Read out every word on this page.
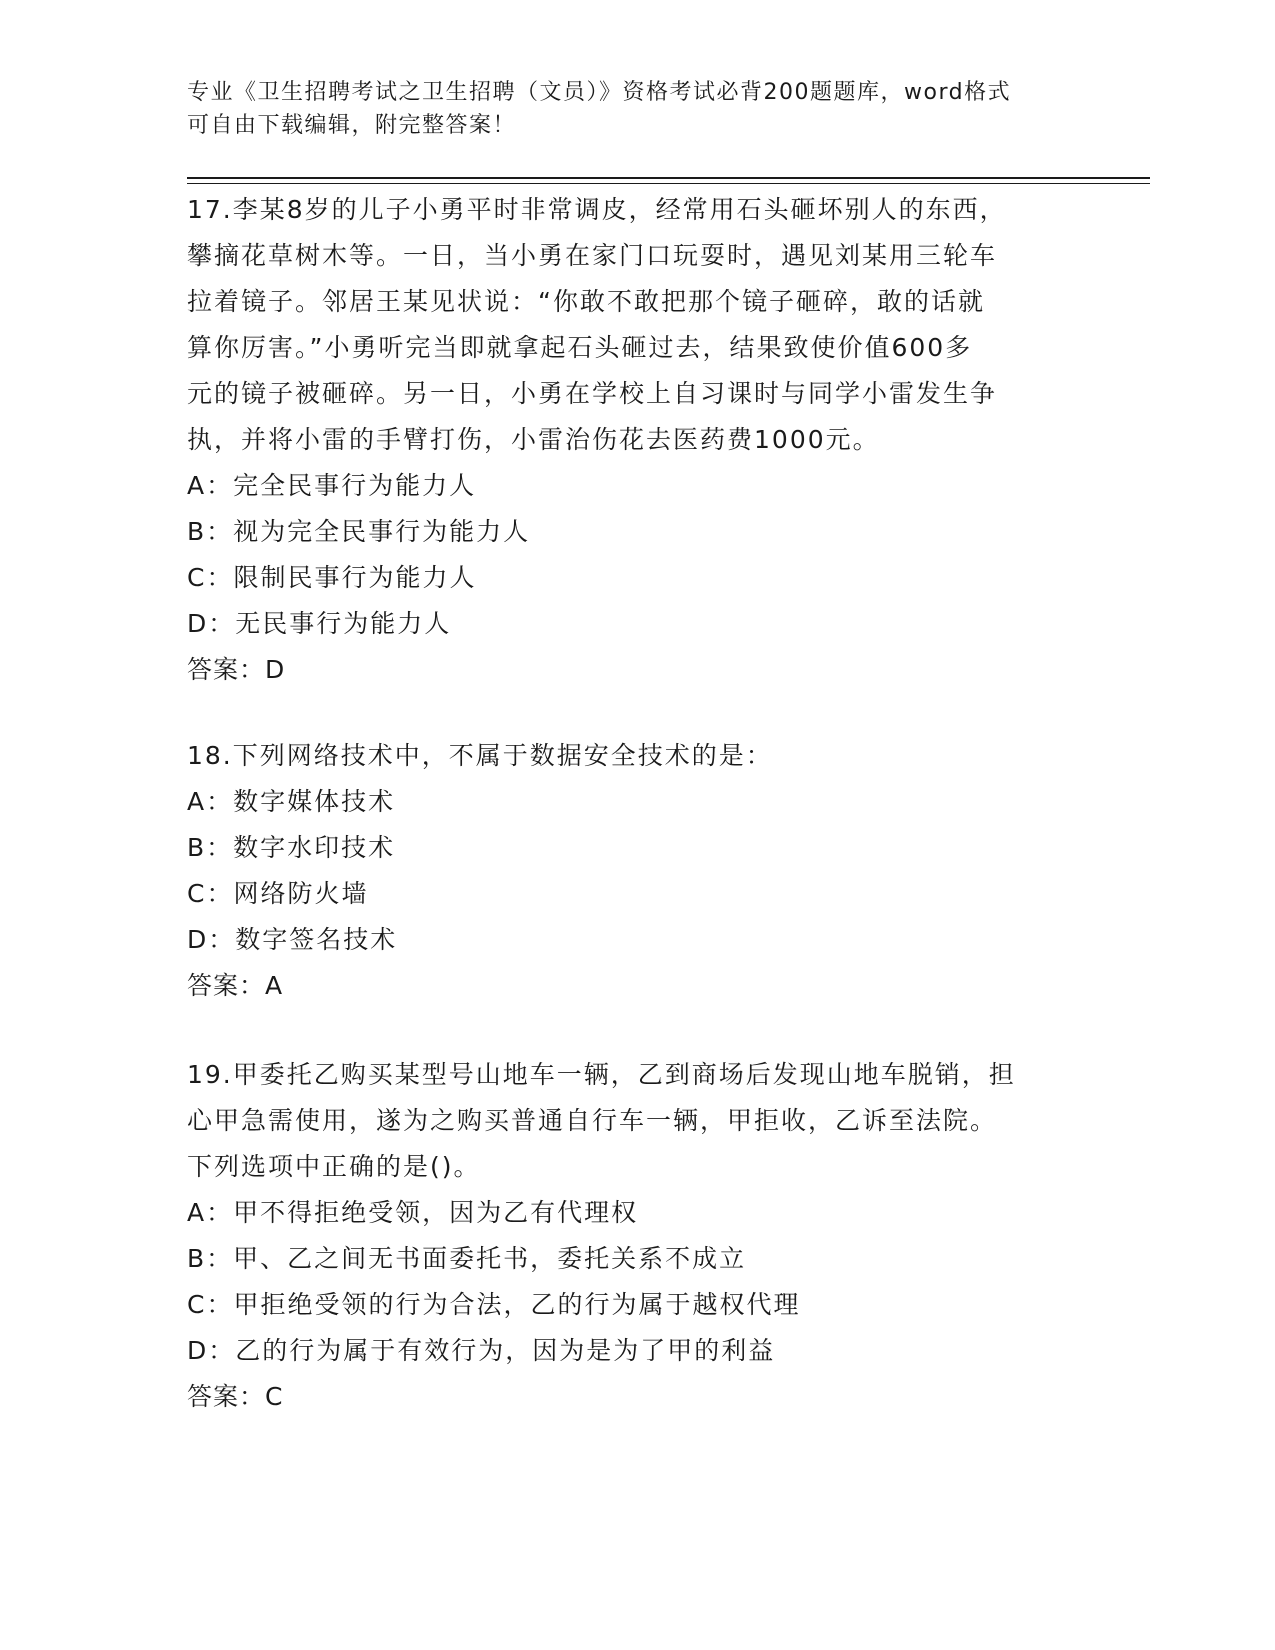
专业《卫生招聘考试之卫生招聘（文员）》资格考试必背200题题库，word格式
可自由下载编辑，附完整答案！
17.李某8岁的儿子小勇平时非常调皮，经常用石头砸坏别人的东西，
攀摘花草树木等。一日，当小勇在家门口玩耍时，遇见刘某用三轮车
拉着镜子。邻居王某见状说：“你敢不敢把那个镜子砸碎，敢的话就
算你厉害。”小勇听完当即就拿起石头砸过去，结果致使价值600多
元的镜子被砸碎。另一日，小勇在学校上自习课时与同学小雷发生争
执，并将小雷的手臂打伤，小雷治伤花去医药费1000元。
A：完全民事行为能力人
B：视为完全民事行为能力人
C：限制民事行为能力人
D：无民事行为能力人
答案：D
18.下列网络技术中，不属于数据安全技术的是：
A：数字媒体技术
B：数字水印技术
C：网络防火墙
D：数字签名技术
答案：A
19.甲委托乙购买某型号山地车一辆，乙到商场后发现山地车脱销，担
心甲急需使用，遂为之购买普通自行车一辆，甲拒收，乙诉至法院。
下列选项中正确的是()。
A：甲不得拒绝受领，因为乙有代理权
B：甲、乙之间无书面委托书，委托关系不成立
C：甲拒绝受领的行为合法，乙的行为属于越权代理
D：乙的行为属于有效行为，因为是为了甲的利益
答案：C
